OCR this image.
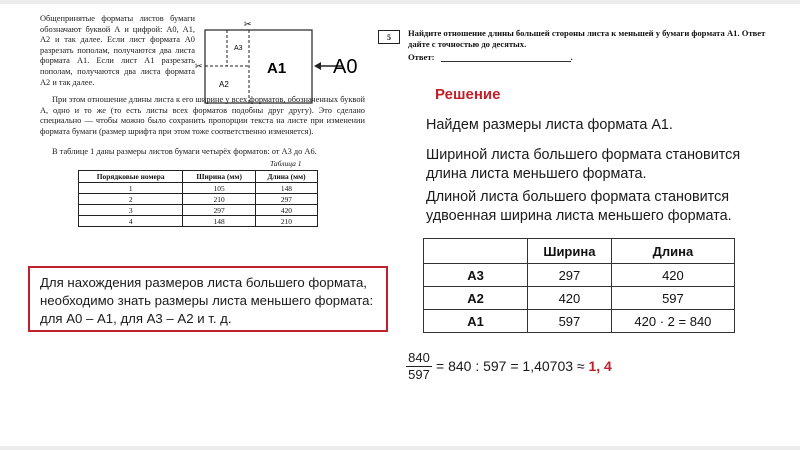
Общепринятые форматы листов бумаги обозначают буквой А и цифрой: А0, А1, А2 и так далее. Если лист формата А0 разрезать пополам, получаются два листа формата А1. Если лист А1 разрезать пополам, получаются два листа формата А2 и так далее.
А3
А2
А1 А0
✂
✂
При этом отношение длины листа к его ширине у всех форматов, обозначенных буквой А, одно и то же (то есть листы всех форматов подобны друг другу). Это сделано специально — чтобы можно было сохранить пропорции текста на листе при изменении формата бумаги (размер шрифта при этом тоже соответственно изменяется).
В таблице 1 даны размеры листов бумаги четырёх форматов: от А3 до А6.
Таблица 1
Порядковые номера	Ширина (мм)	Длина (мм)
1	105	148
2	210	297
3	297	420
4	148	210
Для нахождения размеров листа большего формата, необходимо знать размеры листа меньшего формата: для А0 – А1, для А3 – А2 и т. д.
5	Найдите отношение длины большей стороны листа к меньшей у бумаги формата А1. Ответ дайте с точностью до десятых.
Ответ:	.
Решение
Найдем размеры листа формата А1.
Шириной листа большего формата становится длина листа меньшего формата.
Длиной листа большего формата становится удвоенная ширина листа меньшего формата.
	Ширина	Длина
А3	297	420
А2	420	597
А1	597	420 · 2 = 840
$\frac{840}{597} = 840$ : 597 = 1,40703 ≈ 1, 4
